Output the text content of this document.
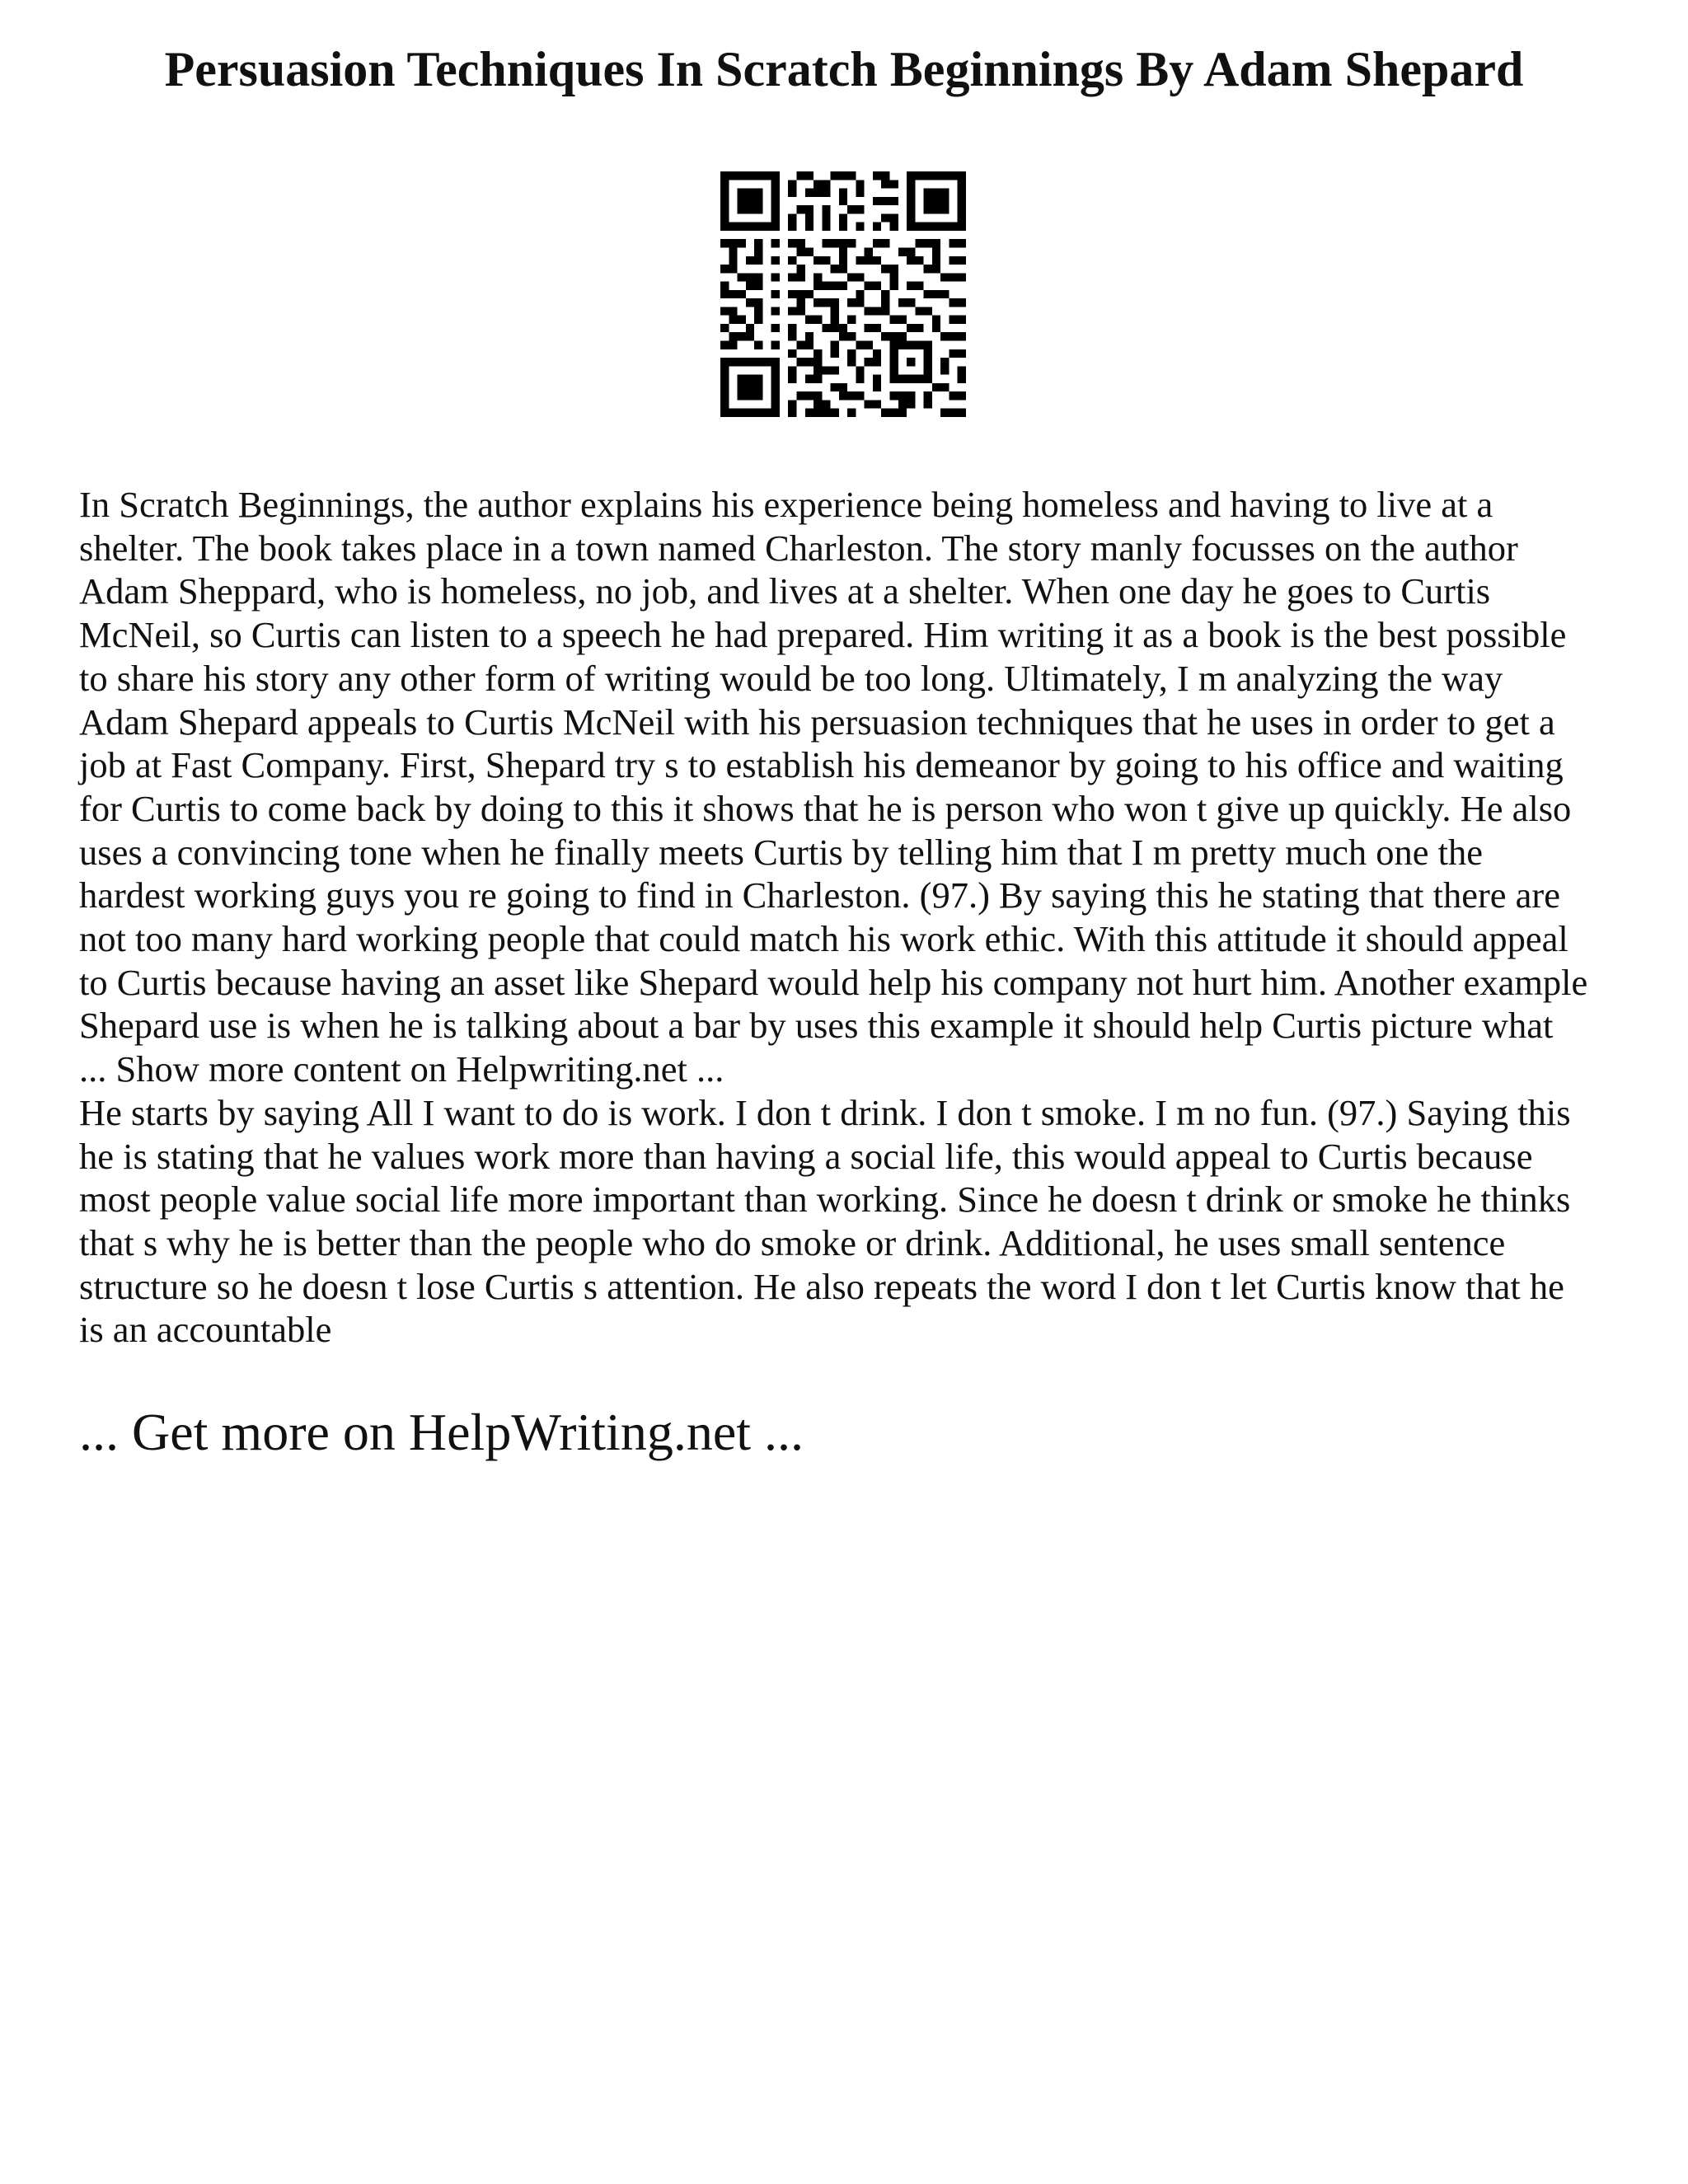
Persuasion Techniques In Scratch Beginnings By Adam Shepard
In Scratch Beginnings, the author explains his experience being homeless and having to live at a
shelter. The book takes place in a town named Charleston. The story manly focusses on the author
Adam Sheppard, who is homeless, no job, and lives at a shelter. When one day he goes to Curtis
McNeil, so Curtis can listen to a speech he had prepared. Him writing it as a book is the best possible
to share his story any other form of writing would be too long. Ultimately, I m analyzing the way
Adam Shepard appeals to Curtis McNeil with his persuasion techniques that he uses in order to get a
job at Fast Company. First, Shepard try s to establish his demeanor by going to his office and waiting
for Curtis to come back by doing to this it shows that he is person who won t give up quickly. He also
uses a convincing tone when he finally meets Curtis by telling him that I m pretty much one the
hardest working guys you re going to find in Charleston. (97.) By saying this he stating that there are
not too many hard working people that could match his work ethic. With this attitude it should appeal
to Curtis because having an asset like Shepard would help his company not hurt him. Another example
Shepard use is when he is talking about a bar by uses this example it should help Curtis picture what
... Show more content on Helpwriting.net ...
He starts by saying All I want to do is work. I don t drink. I don t smoke. I m no fun. (97.) Saying this
he is stating that he values work more than having a social life, this would appeal to Curtis because
most people value social life more important than working. Since he doesn t drink or smoke he thinks
that s why he is better than the people who do smoke or drink. Additional, he uses small sentence
structure so he doesn t lose Curtis s attention. He also repeats the word I don t let Curtis know that he
is an accountable
... Get more on HelpWriting.net ...
